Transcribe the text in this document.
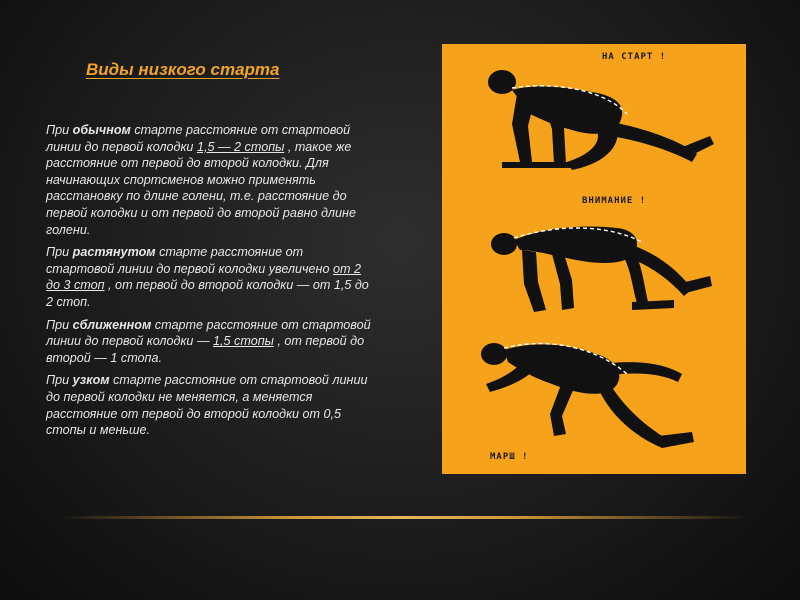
Виды низкого старта

При обычном старте расстояние от стартовой линии до первой колодки 1,5 — 2 стопы , такое же расстояние от первой до второй колодки. Для начинающих спортсменов можно применять расстановку по длине голени, т.е. расстояние до первой колодки и от первой до второй равно длине голени.

При растянутом старте расстояние от стартовой линии до первой колодки увеличено от 2 до 3 стоп , от первой до второй колодки — от 1,5 до 2 стоп.

При сближенном старте расстояние от стартовой линии до первой колодки — 1,5 стопы , от первой до второй — 1 стопа.

При узком старте расстояние от стартовой линии до первой колодки не меняется, а меняется расстояние от первой до второй колодки от 0,5 стопы и меньше.

НА СТАРТ !
ВНИМАНИЕ !
МАРШ !
